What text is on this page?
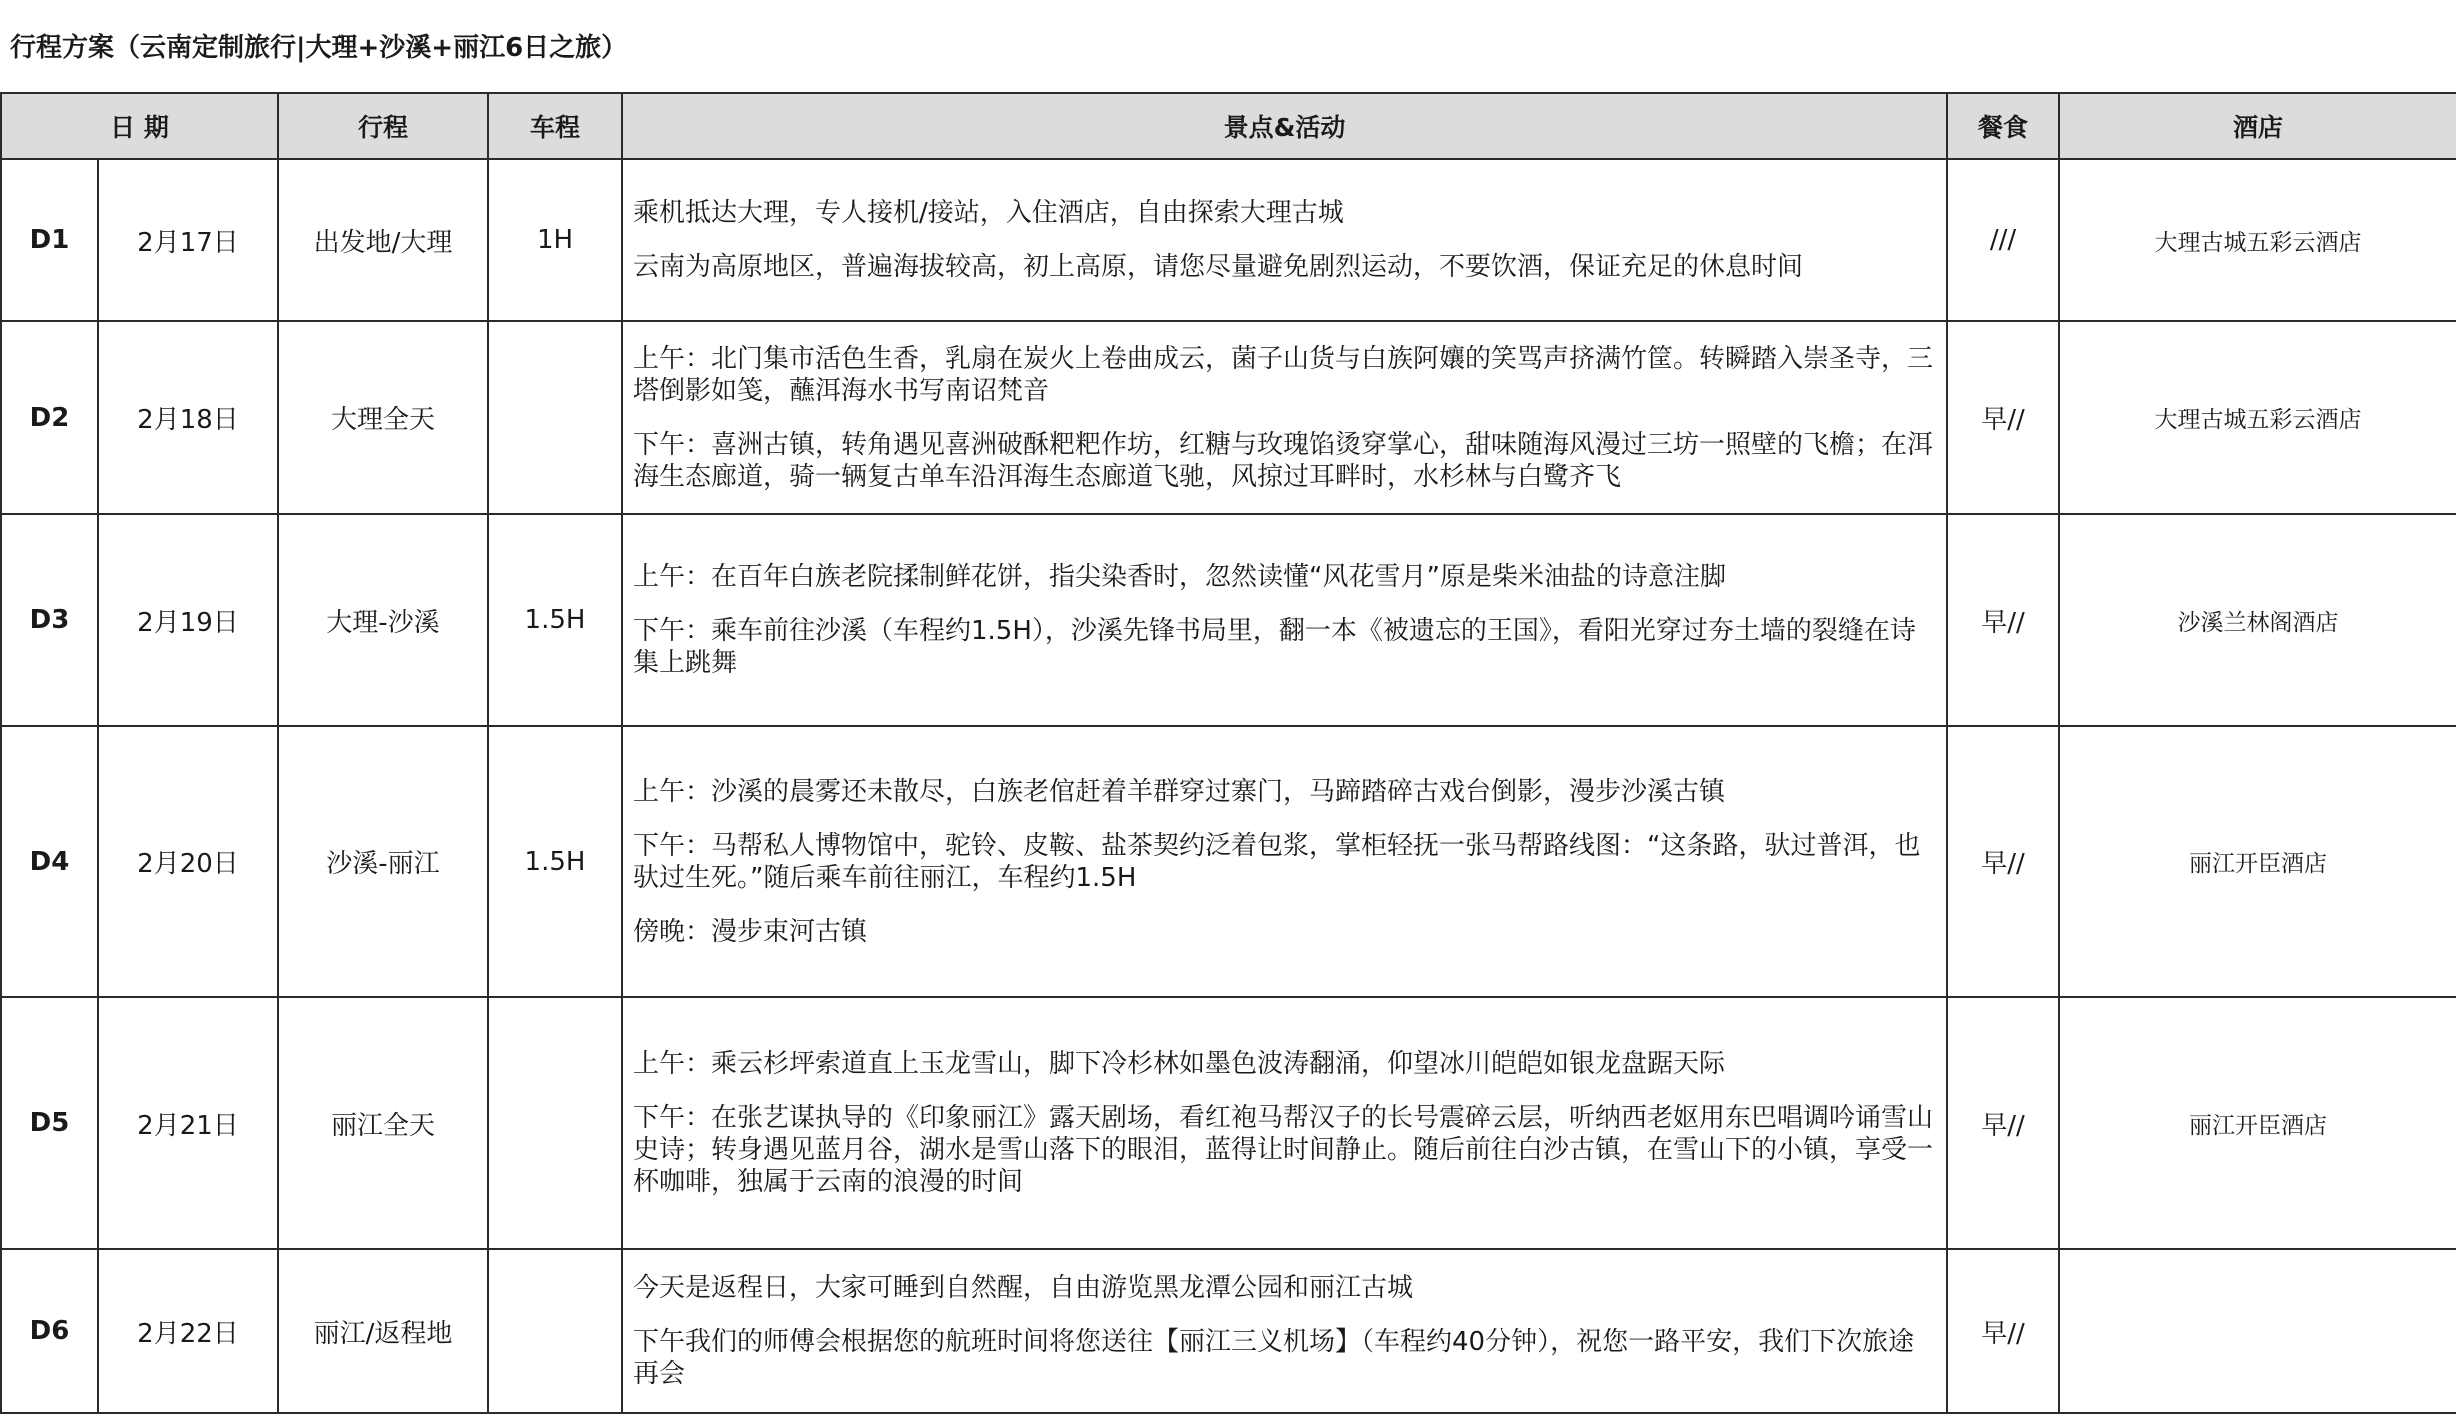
行程方案（云南定制旅行|大理+沙溪+丽江6日之旅）
日 期		行程	车程	景点&活动	餐食	酒店
D1	2月17日	出发地/大理	1H	乘机抵达大理，专人接机/接站，入住酒店，自由探索大理古城

云南为高原地区，普遍海拔较高，初上高原，请您尽量避免剧烈运动，不要饮酒，保证充足的休息时间	///	大理古城五彩云酒店
D2	2月18日	大理全天		上午：北门集市活色生香，乳扇在炭火上卷曲成云，菌子山货与白族阿孃的笑骂声挤满竹筐。转瞬踏入崇圣寺，三塔倒影如笺，蘸洱海水书写南诏梵音

下午：喜洲古镇，转角遇见喜洲破酥粑粑作坊，红糖与玫瑰馅烫穿掌心，甜味随海风漫过三坊一照壁的飞檐；在洱海生态廊道，骑一辆复古单车沿洱海生态廊道飞驰，风掠过耳畔时，水杉林与白鹭齐飞	早//	大理古城五彩云酒店
D3	2月19日	大理-沙溪	1.5H	上午：在百年白族老院揉制鲜花饼，指尖染香时，忽然读懂“风花雪月”原是柴米油盐的诗意注脚

下午：乘车前往沙溪（车程约1.5H），沙溪先锋书局里，翻一本《被遗忘的王国》，看阳光穿过夯土墙的裂缝在诗集上跳舞	早//	沙溪兰林阁酒店
D4	2月20日	沙溪-丽江	1.5H	上午：沙溪的晨雾还未散尽，白族老倌赶着羊群穿过寨门，马蹄踏碎古戏台倒影，漫步沙溪古镇

下午：马帮私人博物馆中，驼铃、皮鞍、盐茶契约泛着包浆，掌柜轻抚一张马帮路线图：“这条路，驮过普洱，也驮过生死。”随后乘车前往丽江，车程约1.5H

傍晚：漫步束河古镇	早//	丽江开臣酒店
D5	2月21日	丽江全天		上午：乘云杉坪索道直上玉龙雪山，脚下冷杉林如墨色波涛翻涌，仰望冰川皑皑如银龙盘踞天际

下午：在张艺谋执导的《印象丽江》露天剧场，看红袍马帮汉子的长号震碎云层，听纳西老妪用东巴唱调吟诵雪山史诗；转身遇见蓝月谷，湖水是雪山落下的眼泪，蓝得让时间静止。随后前往白沙古镇，在雪山下的小镇，享受一杯咖啡，独属于云南的浪漫的时间	早//	丽江开臣酒店
D6	2月22日	丽江/返程地		今天是返程日，大家可睡到自然醒，自由游览黑龙潭公园和丽江古城

下午我们的师傅会根据您的航班时间将您送往【丽江三义机场】（车程约40分钟），祝您一路平安，我们下次旅途再会	早//	
